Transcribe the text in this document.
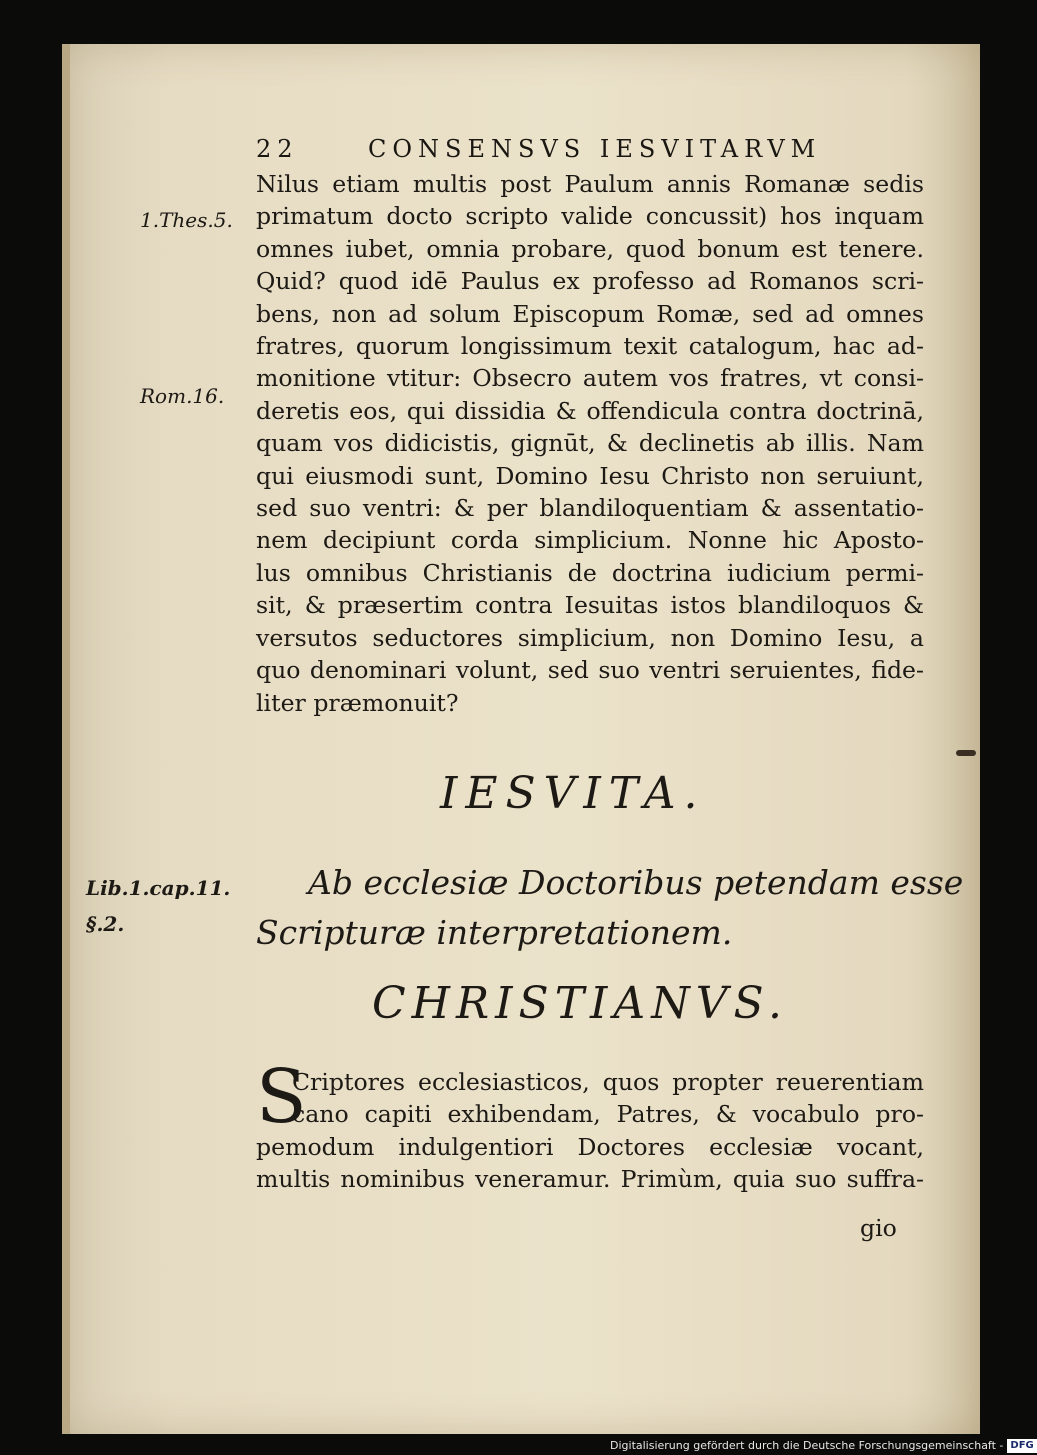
22	CONSENSVS IESVITARVM
1.Thes.5.
Rom.16.
Lib.1.cap.11.
§.2.
Nilus etiam multis post Paulum annis Romanæ sedis
primatum docto scripto valide concussit) hos inquam
omnes iubet, omnia probare, quod bonum est tenere.
Quid? quod idē Paulus ex professo ad Romanos scri-
bens, non ad solum Episcopum Romæ, sed ad omnes
fratres, quorum longissimum texit catalogum, hac ad-
monitione vtitur: Obsecro autem vos fratres, vt consi-
deretis eos, qui dissidia & offendicula contra doctrinā,
quam vos didicistis, gignūt, & declinetis ab illis. Nam
qui eiusmodi sunt, Domino Iesu Christo non seruiunt,
sed suo ventri: & per blandiloquentiam & assentatio-
nem decipiunt corda simplicium. Nonne hic Aposto-
lus omnibus Christianis de doctrina iudicium permi-
sit, & præsertim contra Iesuitas istos blandiloquos &
versutos seductores simplicium, non Domino Iesu, a
quo denominari volunt, sed suo ventri seruientes, fide-
liter præmonuit?
IESVITA.
Ab ecclesiæ Doctoribus petendam esse
Scripturæ interpretationem.
CHRISTIANVS.
S
Criptores ecclesiasticos, quos propter reuerentiam
cano capiti exhibendam, Patres, & vocabulo pro-
pemodum indulgentiori Doctores ecclesiæ vocant,
multis nominibus veneramur. Primùm, quia suo suffra-
gio
Digitalisierung gefördert durch die Deutsche Forschungsgemeinschaft - DFG
